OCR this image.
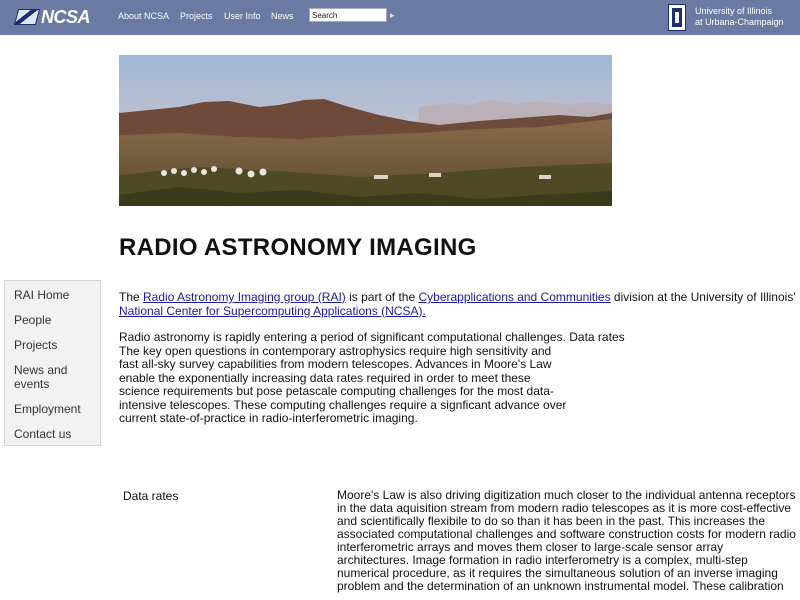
NCSA	About NCSA Projects User Info News
Search	▸	University of Illinois
at Urbana-Champaign
RADIO ASTRONOMY IMAGING
RAI Home
People
Projects
News and
events
Employment
Contact us
The Radio Astronomy Imaging group (RAI) is part of the Cyberapplications and Communities division at the University of Illinois'
National Center for Supercomputing Applications (NCSA).
Radio astronomy is rapidly entering a period of significant computational challenges. Data rates
The key open questions in contemporary astrophysics require high sensitivity and
fast all-sky survey capabilities from modern telescopes. Advances in Moore's Law
enable the exponentially increasing data rates required in order to meet these
science requirements but pose petascale computing challenges for the most data-
intensive telescopes. These computing challenges require a signficant advance over
current state-of-practice in radio-interferometric imaging.
Data rates	Moore's Law is also driving digitization much closer to the individual antenna receptors
in the data aquisition stream from modern radio telescopes as it is more cost-effective
and scientifically flexibile to do so than it has been in the past. This increases the
associated computational challenges and software construction costs for modern radio
interferometric arrays and moves them closer to large-scale sensor array
architectures. Image formation in radio interferometry is a complex, multi-step
numerical procedure, as it requires the simultaneous solution of an inverse imaging
problem and the determination of an unknown instrumental model. These calibration
